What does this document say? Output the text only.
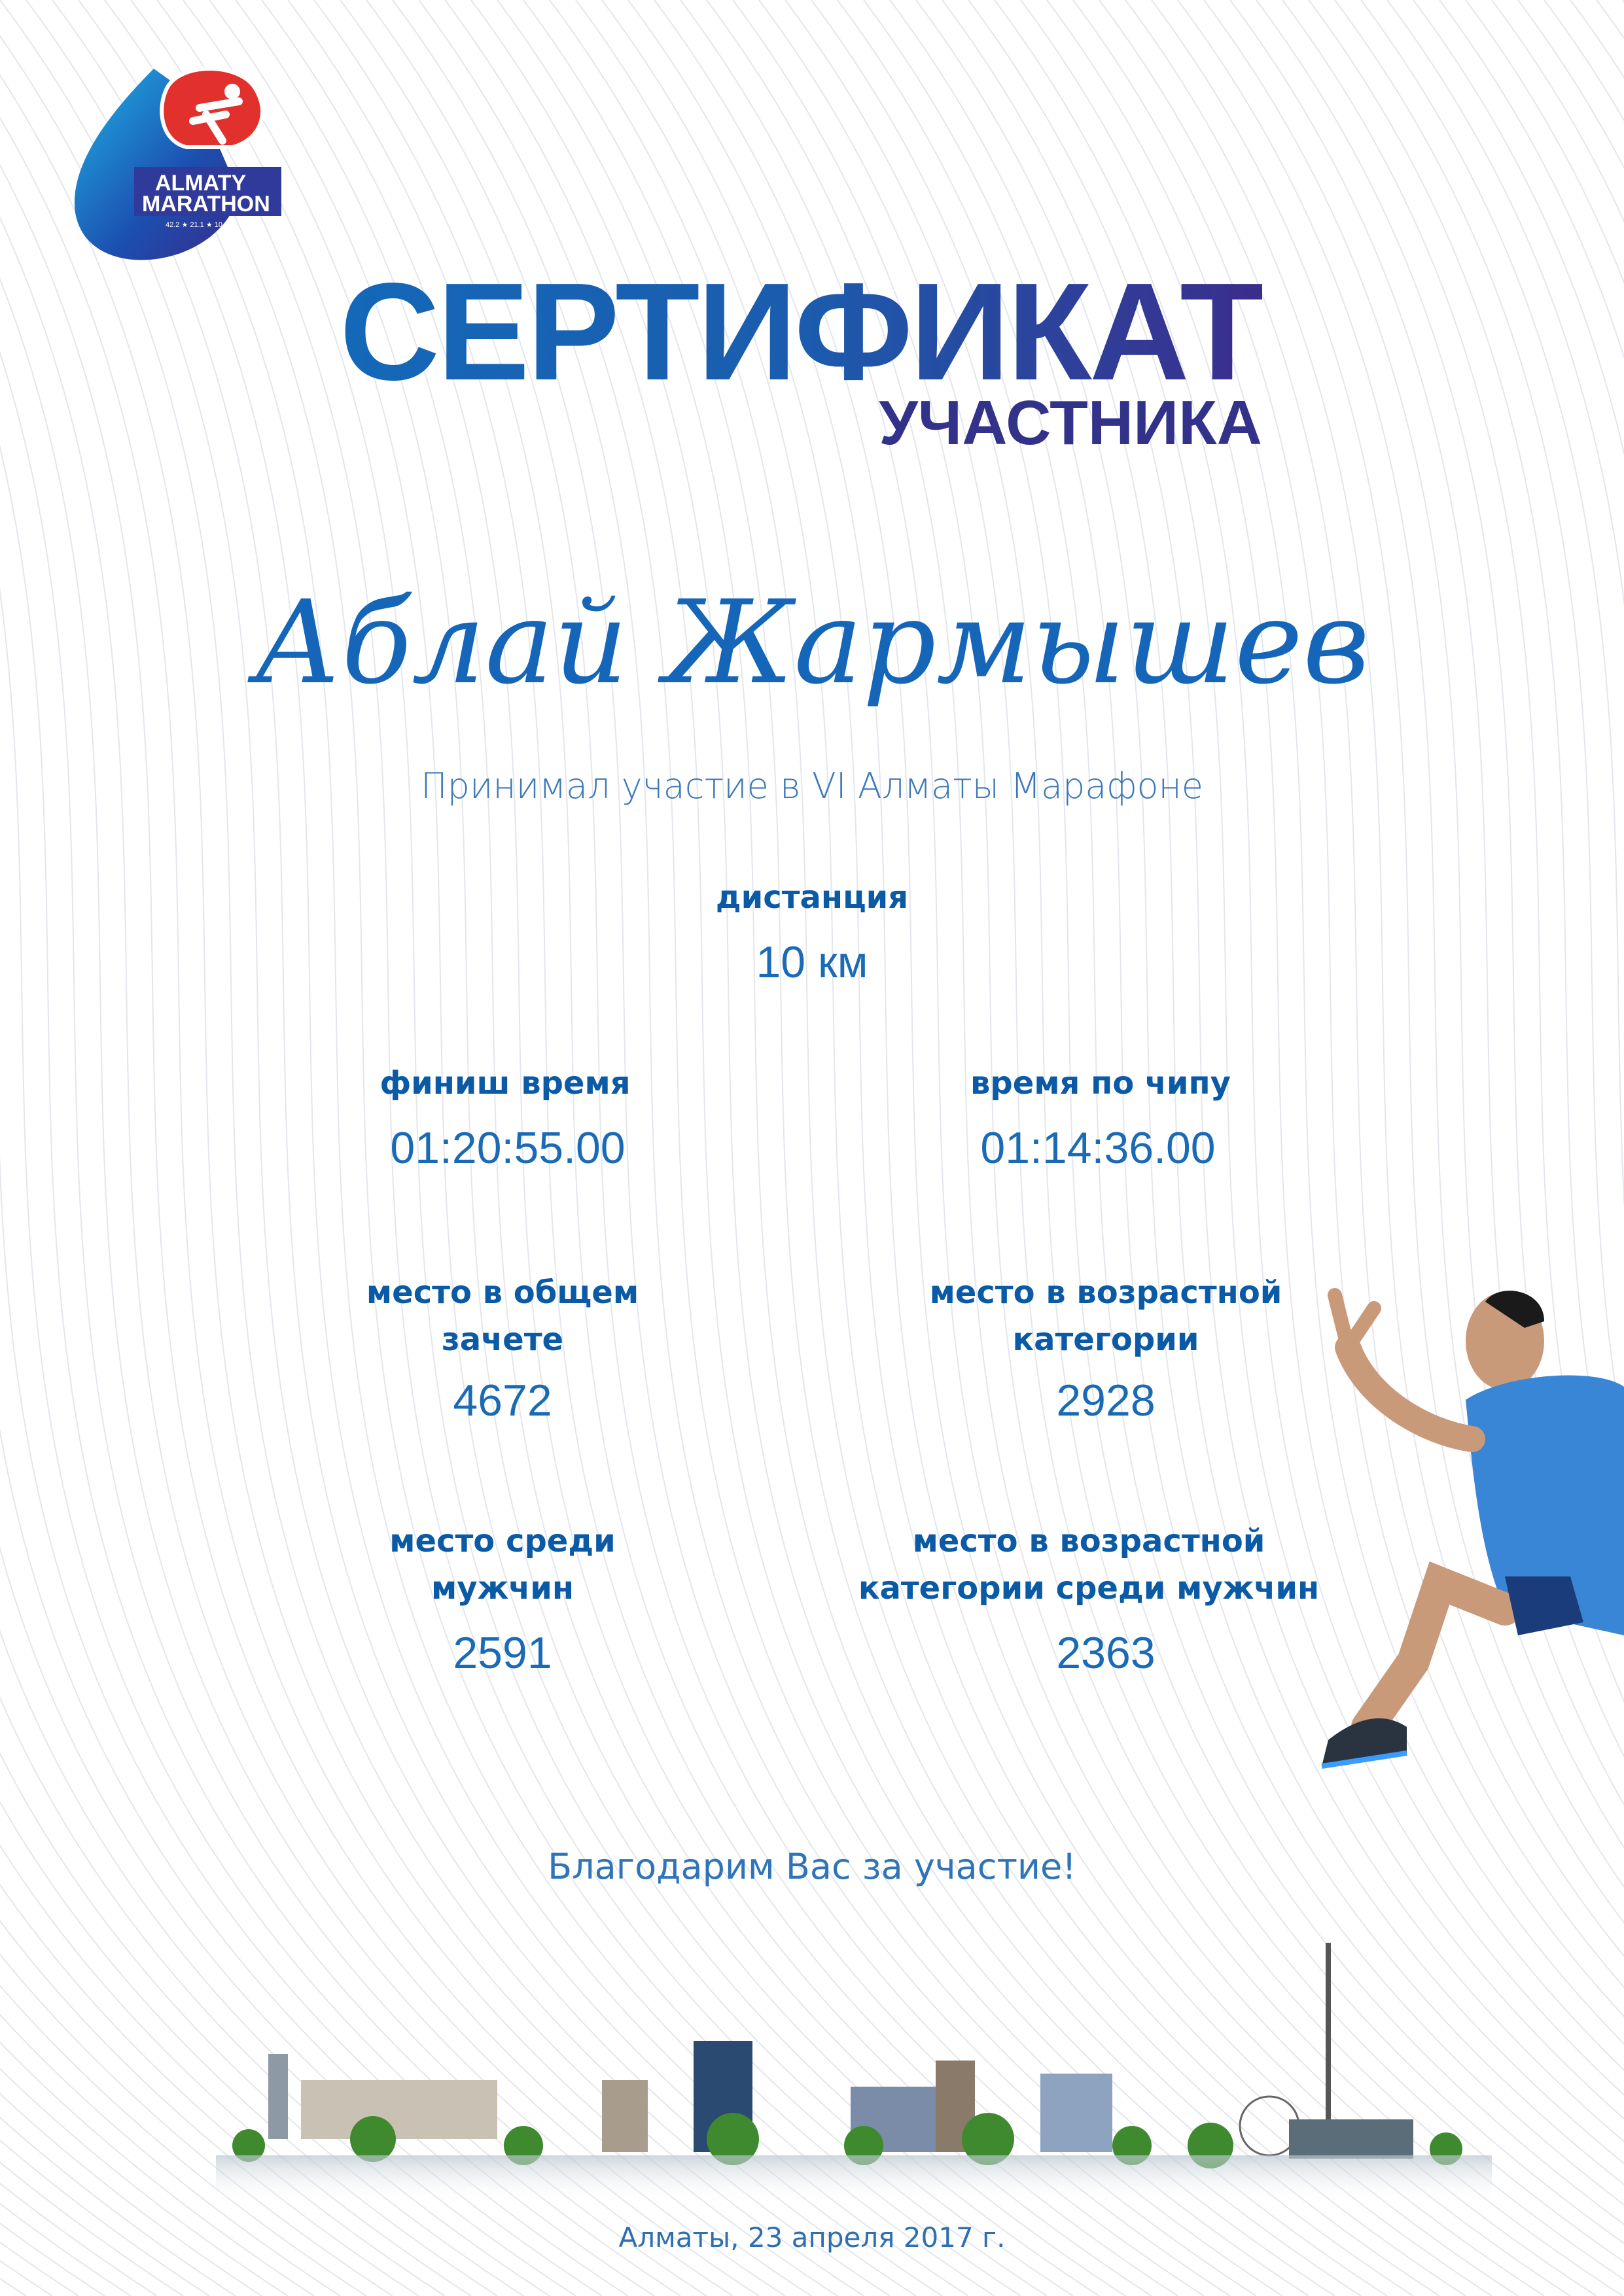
ALMATY
MARATHON
42.2 ★ 21.1 ★ 10 ★ 3
СЕРТИФИКАТ
УЧАСТНИКА
Аблай Жармышев
Принимал участие в VI Алматы Марафоне
дистанция
10 км
финиш время
01:20:55.00
время по чипу
01:14:36.00
место в общем
зачете
4672
место в возрастной
категории
2928
место среди
мужчин
2591
место в возрастной
категории среди мужчин
2363
Благодарим Вас за участие!
Алматы, 23 апреля 2017 г.
